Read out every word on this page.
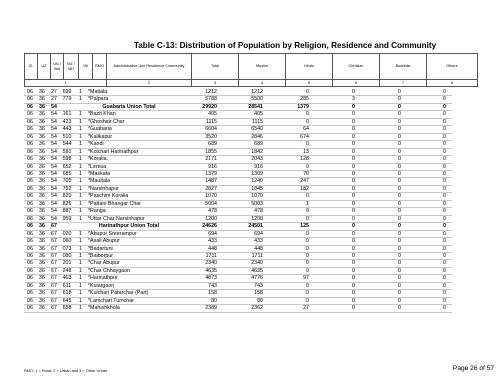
Table C-13: Distribution of Population by Religion, Residence and Community
ZL	UZ	UN / WA	MZ / MH	Vill	RMO	Administrative Unit Residence Community	Total	Muslim	Hindu	Christian	Buddhist	Others
1						2	3	4	5	6	7	8
06	36	27	699	1	*Matiala	1212	1212	0	0	0	0
06	36	27	779	1	*Palpara	5788	5500	285	3	0	0
06	36	54			Guabaria Union Total	29920	28541	1379	0	0	0
06	36	54	161	1	*Bazit Khan	405	405	0	0	0	0
06	36	54	423	1	*Ghoshair Char	1115	1115	0	0	0	0
06	36	54	443	1	*Guabaria	6604	6540	64	0	0	0
06	36	54	510	1	*Kalikapur	3520	2846	674	0	0	0
06	36	54	544	1	*Kandi	689	689	0	0	0	0
06	36	54	591	1	*Kolchari Harinathpur	1855	1842	13	0	0	0
06	36	54	598	1	*Koralia	2171	2043	128	0	0	0
06	36	54	652	1	*Lemua	916	916	0	0	0	0
06	36	54	685	1	*Maskata	1379	1309	70	0	0	0
06	36	54	705	1	*Maultala	1487	1240	247	0	0	0
06	36	54	752	1	*Narsinhapur	2027	1845	182	0	0	0
06	36	54	820	1	*Paschim Koralia	1070	1070	0	0	0	0
06	36	54	826	1	*Pattani Bhangar Char	5004	5003	1	0	0	0
06	36	54	887	1	*Ranga	478	478	0	0	0	0
06	36	54	959	1	*Uttar Char Narsinhapur	1200	1200	0	0	0	0
06	36	67			Harinathpur Union Total	24626	24501	125	0	0	0
06	36	67	020	1	*Abupur Sreerampur	694	694	0	0	0	0
06	36	67	060	1	*Asali Abupur	433	433	0	0	0	0
06	36	67	073	1	*Badartuni	448	448	0	0	0	0
06	36	67	080	1	*Baiborpur	1711	1711	0	0	0	0
06	36	67	201	1	*Char Abupur	2340	2340	0	0	0	0
06	36	67	248	1	*Char Chhaygaon	4635	4635	0	0	0	0
06	36	67	463	1	*Harinathpur	4873	4776	97	0	0	0
06	36	67	611	1	*Kulargaon	743	743	0	0	0	0
06	36	67	618	1	*Kulchari Patarchar (Part)	158	158	0	0	0	0
06	36	67	645	1	*Lamchari Tumchar	80	80	0	0	0	0
06	36	67	658	1	*Mahishkhola	2389	2362	27	0	0	0
RMO: 1 = Rural, 2 = Urban and 3 = Other Urban	Page 26 of 57
